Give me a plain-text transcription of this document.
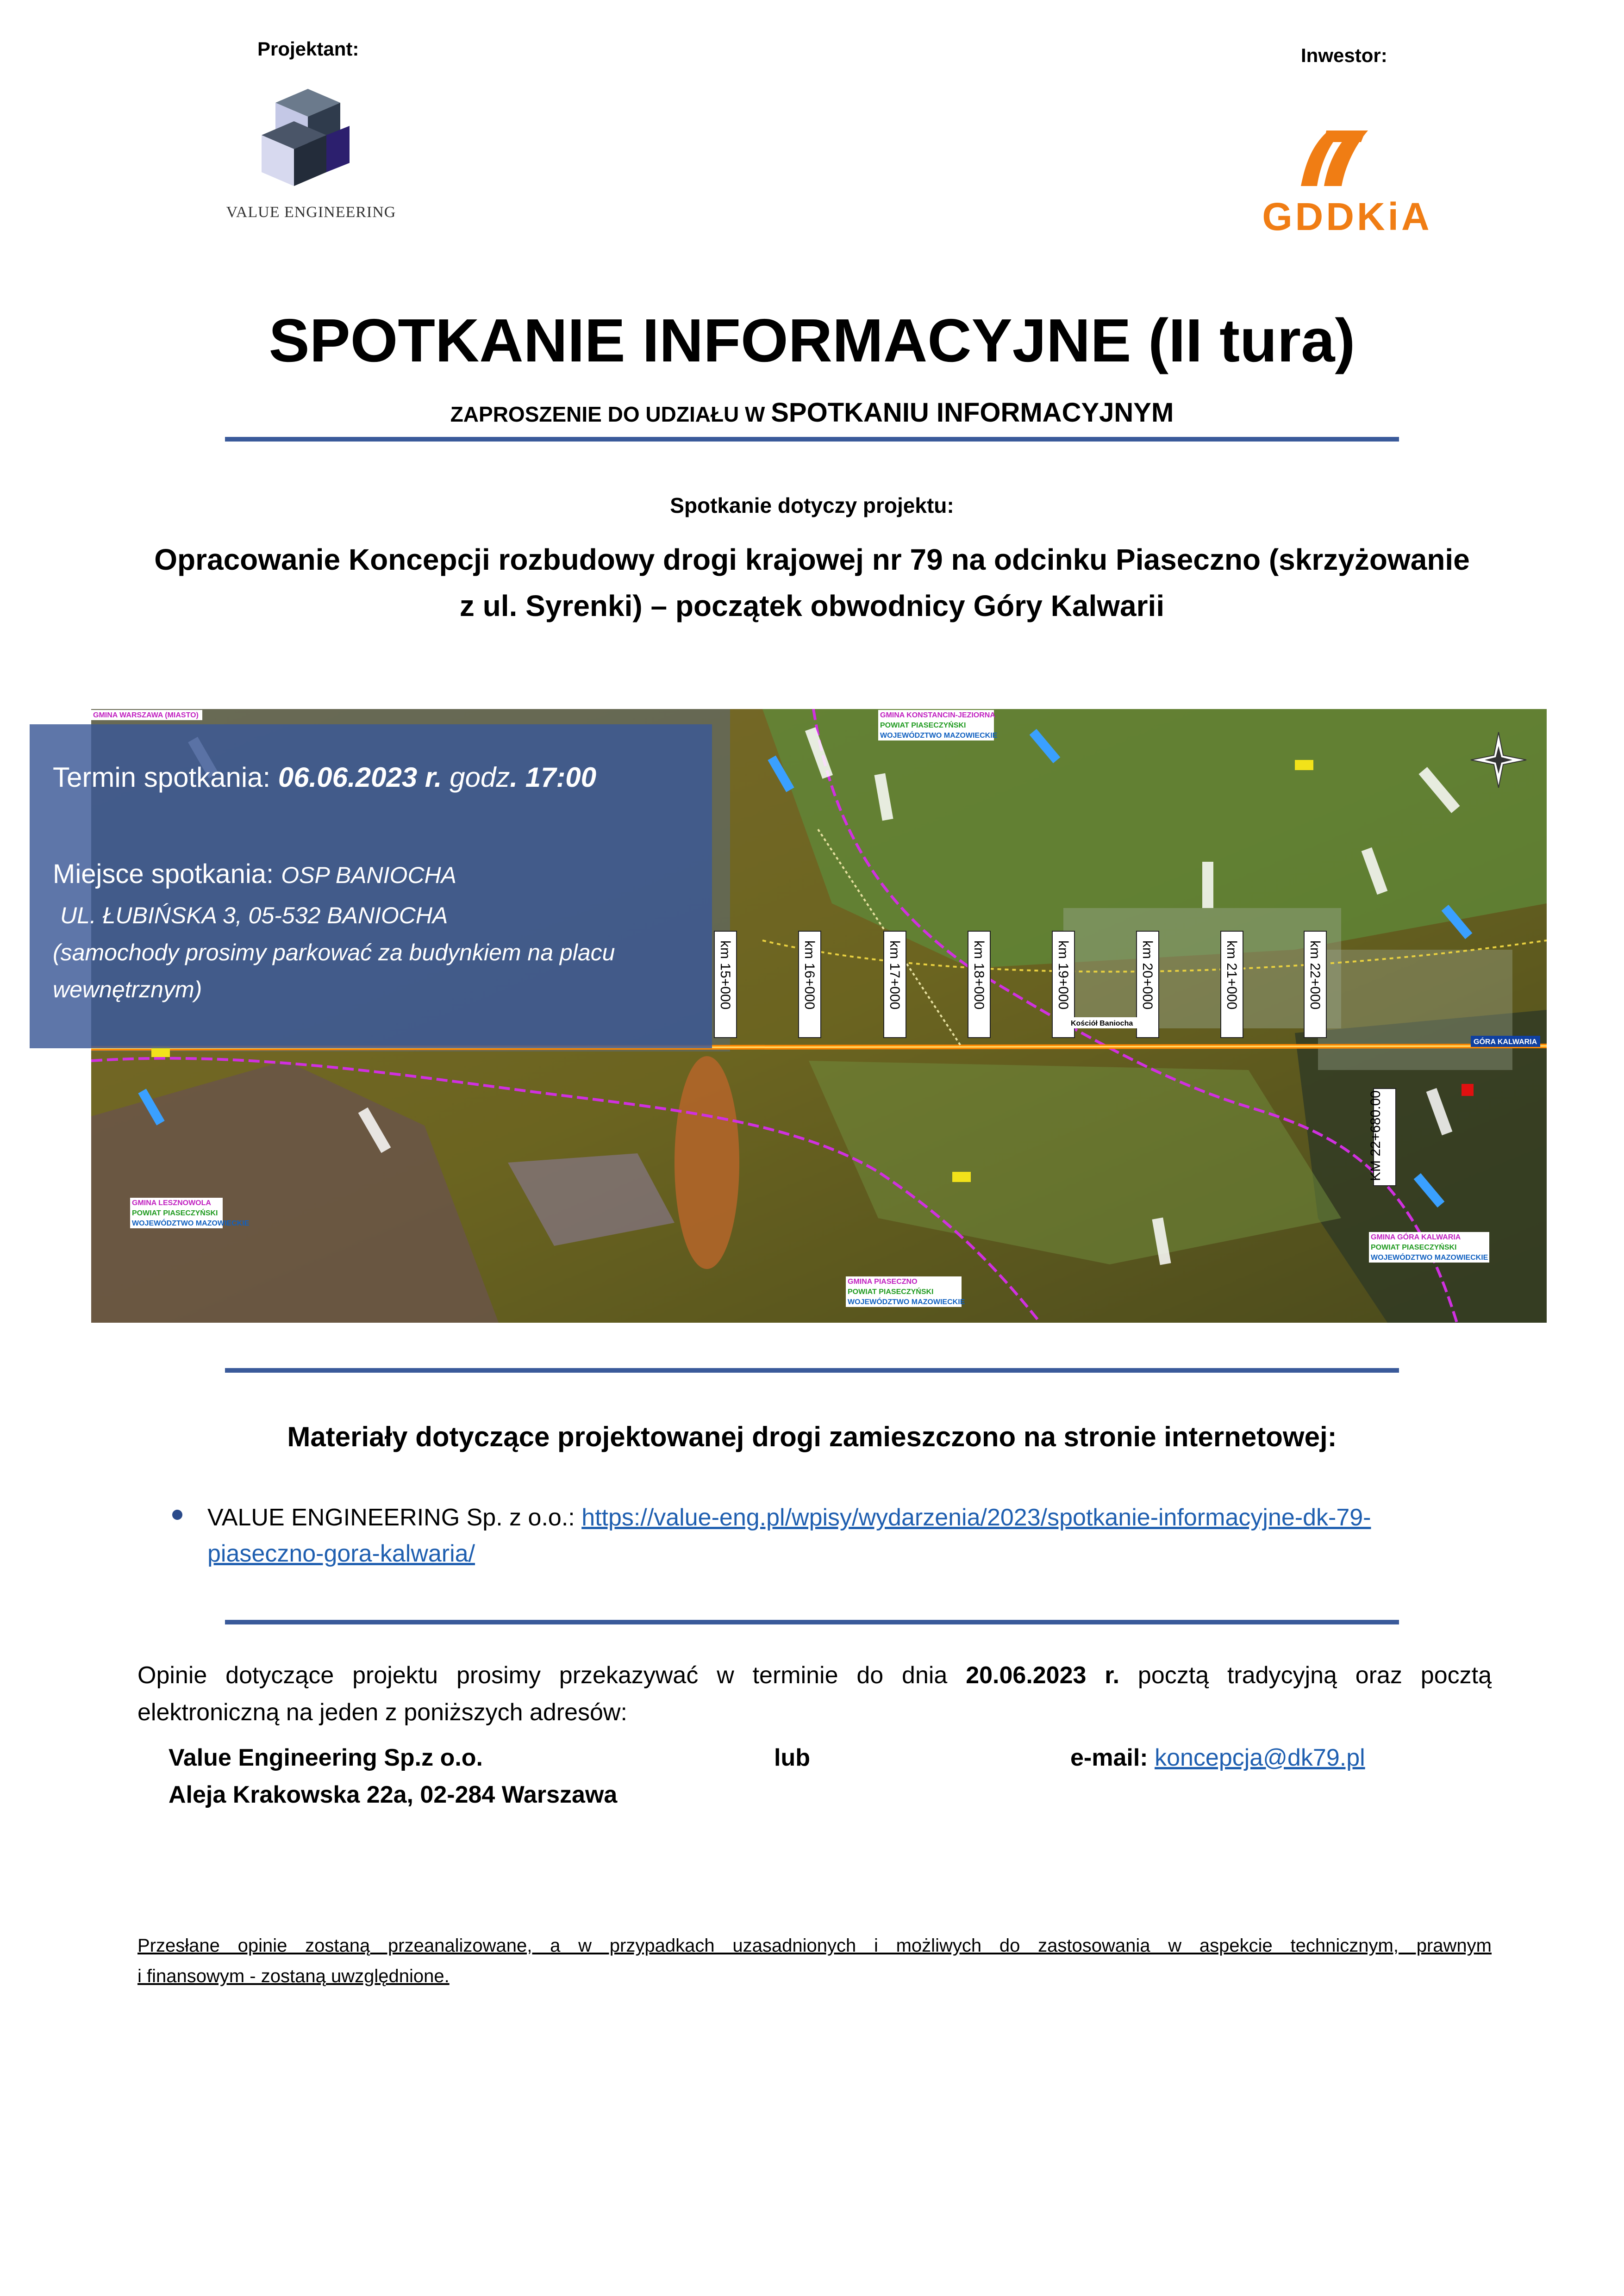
Projektant:
VALUE ENGINEERING
Inwestor:
GDDKiA
SPOTKANIE INFORMACYJNE (II tura)
ZAPROSZENIE DO UDZIAŁU W SPOTKANIU INFORMACYJNYM
Spotkanie dotyczy projektu:
Opracowanie Koncepcji rozbudowy drogi krajowej nr 79 na odcinku Piaseczno (skrzyżowanie
z ul. Syrenki) – początek obwodnicy Góry Kalwarii
km 15+000	km 16+000	km 17+000	km 18+000	km 19+000	km 20+000	km 21+000	km 22+000
KM 22+680.00
GMINA WARSZAWA (MIASTO)	GMINA KONSTANCIN-JEZIORNA
POWIAT PIASECZYŃSKI
WOJEWÓDZTWO MAZOWIECKIE
GMINA LESZNOWOLA
POWIAT PIASECZYŃSKI
WOJEWÓDZTWO MAZOWIECKIE
GMINA PIASECZNO
POWIAT PIASECZYŃSKI
WOJEWÓDZTWO MAZOWIECKIE
GMINA GÓRA KALWARIA
POWIAT PIASECZYŃSKI
WOJEWÓDZTWO MAZOWIECKIE
GÓRA KALWARIA
Kościół Baniocha
Termin spotkania: 06.06.2023 r. godz. 17:00
Miejsce spotkania: OSP BANIOCHA
UL. ŁUBIŃSKA 3, 05-532 BANIOCHA
(samochody prosimy parkować za budynkiem na placu
wewnętrznym)
Materiały dotyczące projektowanej drogi zamieszczono na stronie internetowej:
VALUE ENGINEERING Sp. z o.o.: https://value-eng.pl/wpisy/wydarzenia/2023/spotkanie-informacyjne-dk-79-
piaseczno-gora-kalwaria/
Opinie dotyczące projektu prosimy przekazywać w terminie do dnia 20.06.2023 r. pocztą tradycyjną oraz pocztą
elektroniczną na jeden z poniższych adresów:
Value Engineering Sp.z o.o.
Aleja Krakowska 22a, 02-284 Warszawa
lub	e-mail: koncepcja@dk79.pl
Przesłane opinie zostaną przeanalizowane, a w przypadkach uzasadnionych i możliwych do zastosowania w aspekcie technicznym, prawnym
i finansowym - zostaną uwzględnione.
